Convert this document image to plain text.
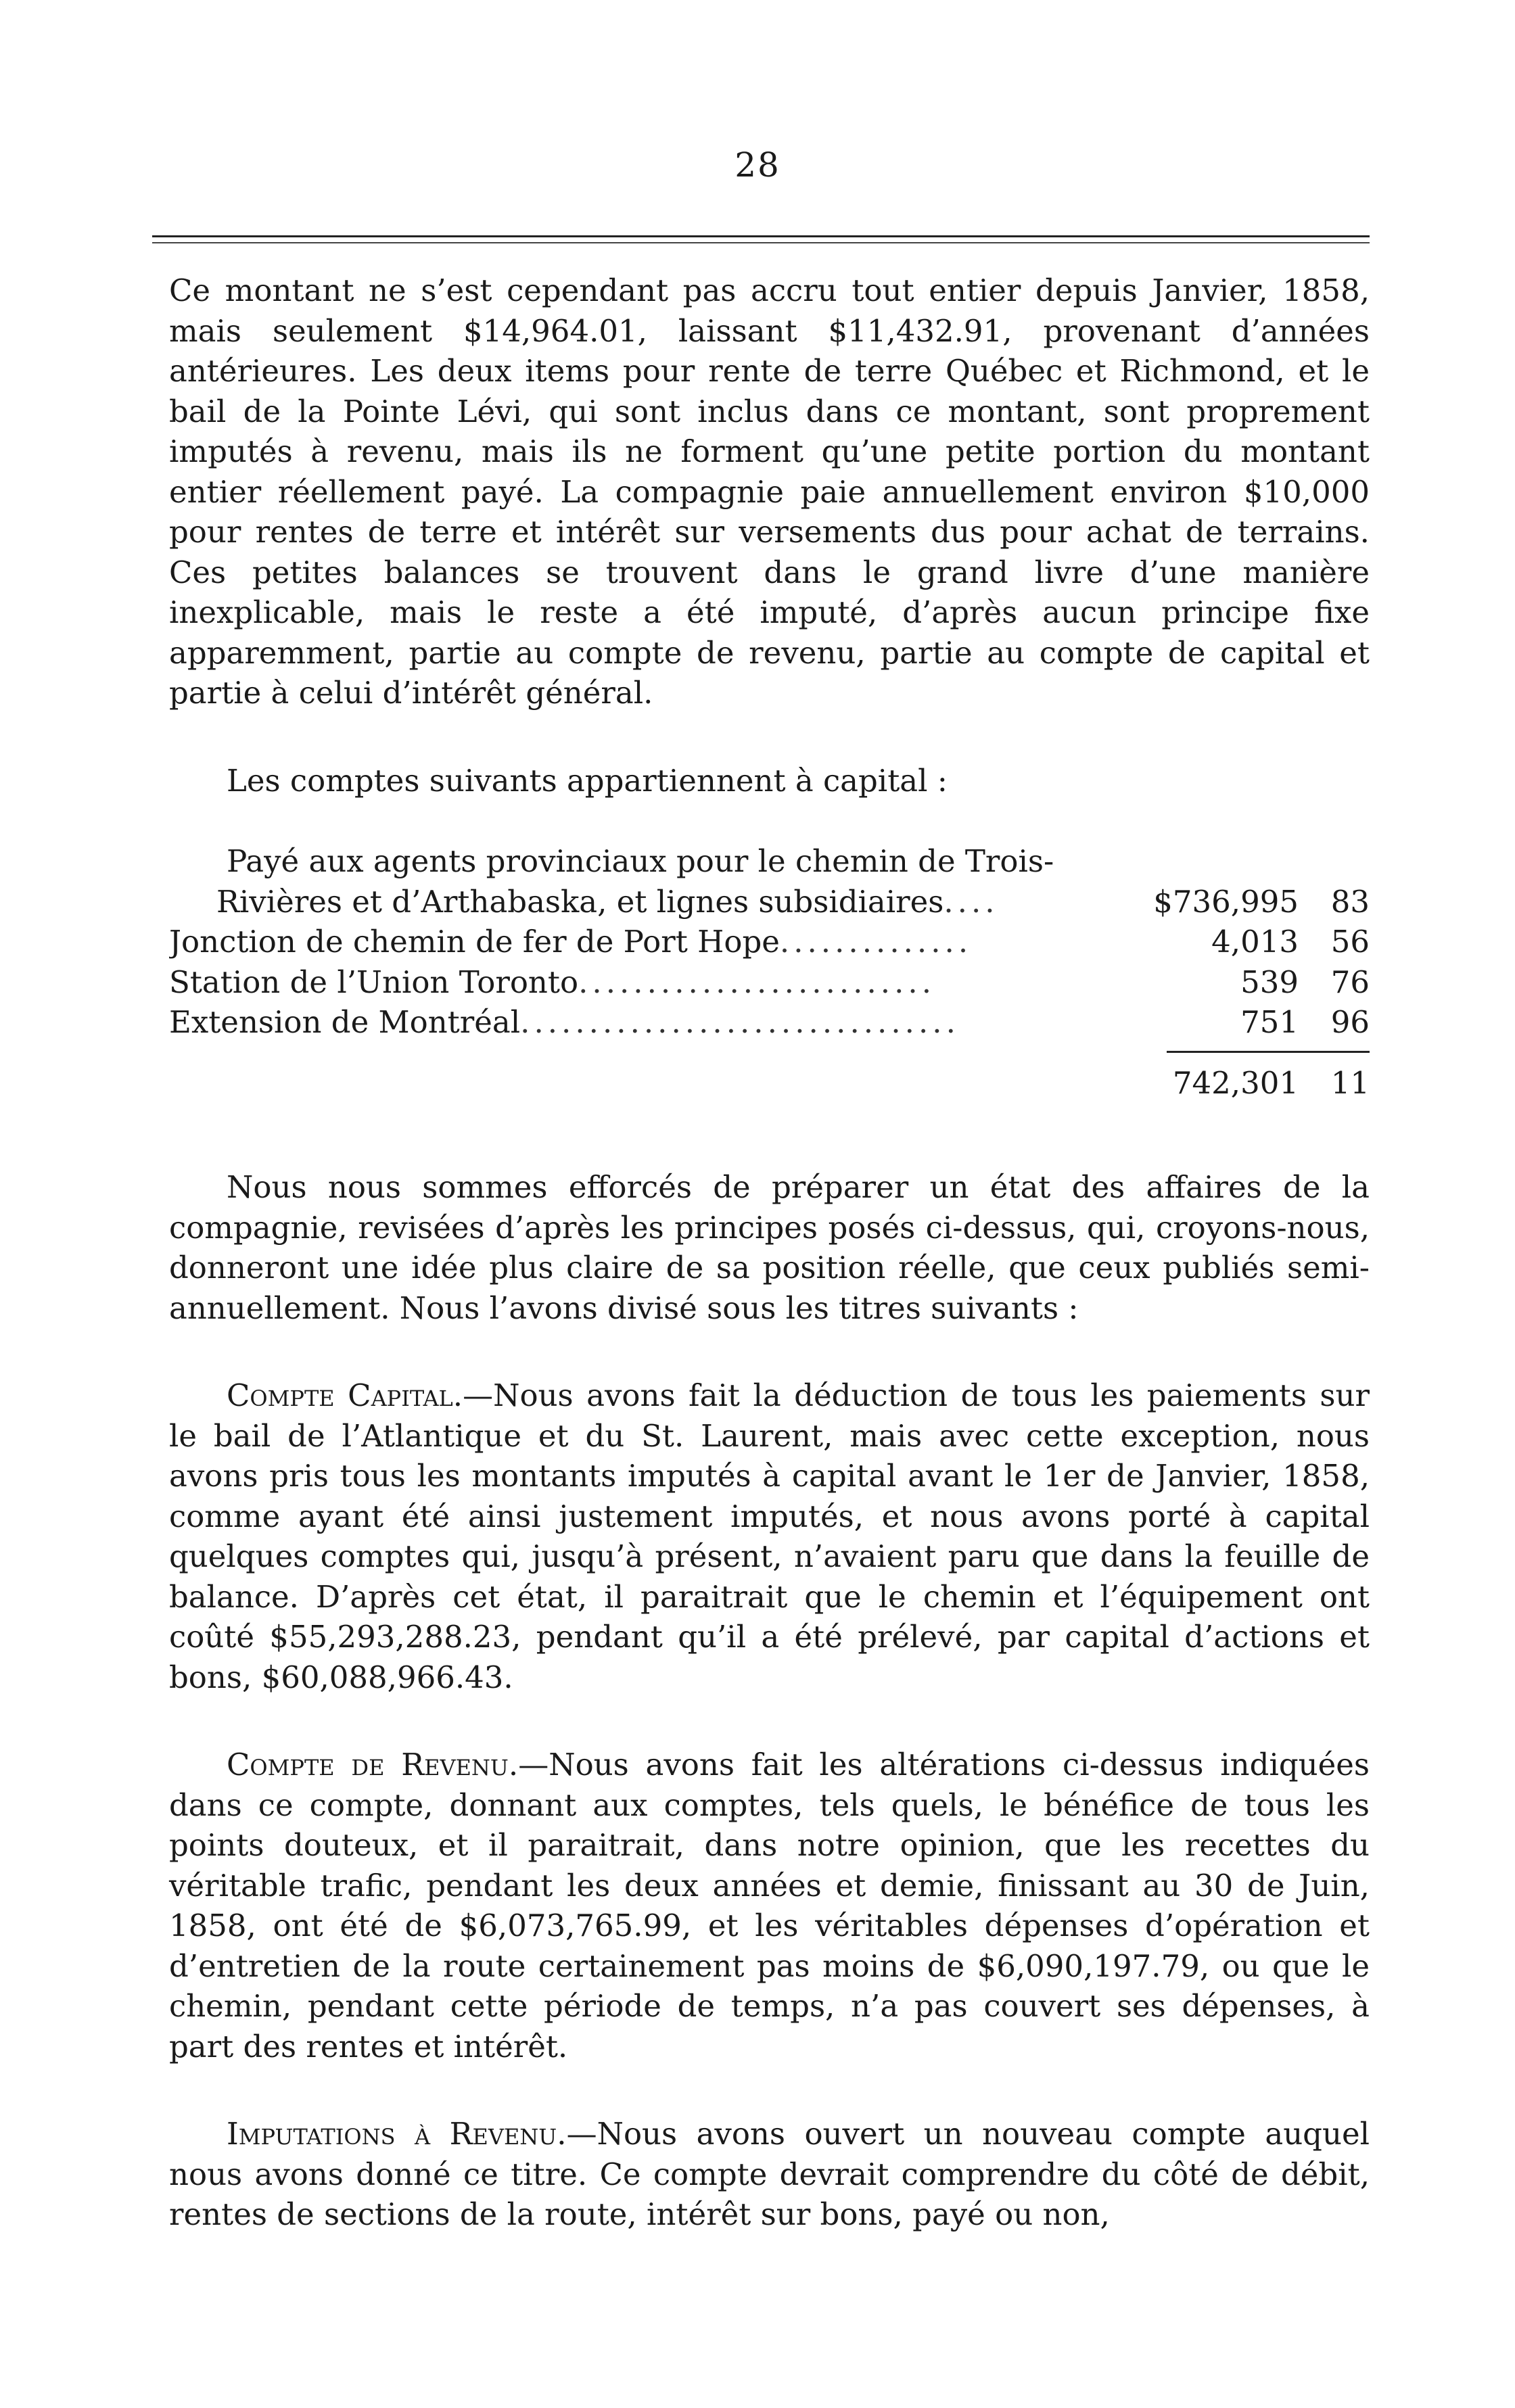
28

Ce montant ne s’est cependant pas accru tout entier depuis Janvier, 1858, mais seulement $14,964.01, laissant $11,432.91, provenant d’années antérieures. Les deux items pour rente de terre Québec et Richmond, et le bail de la Pointe Lévi, qui sont inclus dans ce montant, sont proprement imputés à revenu, mais ils ne forment qu’une petite portion du montant entier réellement payé. La compagnie paie annuellement environ $10,000 pour rentes de terre et intérêt sur versements dus pour achat de terrains. Ces petites balances se trouvent dans le grand livre d’une manière inexplicable, mais le reste a été imputé, d’après aucun principe fixe apparemment, partie au compte de revenu, partie au compte de capital et partie à celui d’intérêt général.

Les comptes suivants appartiennent à capital :

Payé aux agents provinciaux pour le chemin de Trois-
Rivières et d’Arthabaska, et lignes subsidiaires....	$736,995	83
Jonction de chemin de fer de Port Hope..............	4,013	56
Station de l’Union Toronto..........................	539	76
Extension de Montréal................................	751	96
742,301	11

Nous nous sommes efforcés de préparer un état des affaires de la compagnie, revisées d’après les principes posés ci-dessus, qui, croyons-nous, donneront une idée plus claire de sa position réelle, que ceux publiés semi-annuellement. Nous l’avons divisé sous les titres suivants :

Compte Capital.—Nous avons fait la déduction de tous les paiements sur le bail de l’Atlantique et du St. Laurent, mais avec cette exception, nous avons pris tous les montants imputés à capital avant le 1er de Janvier, 1858, comme ayant été ainsi justement imputés, et nous avons porté à capital quelques comptes qui, jusqu’à présent, n’avaient paru que dans la feuille de balance. D’après cet état, il paraitrait que le chemin et l’équipement ont coûté $55,293,288.23, pendant qu’il a été prélevé, par capital d’actions et bons, $60,088,966.43.

Compte de Revenu.—Nous avons fait les altérations ci-dessus indiquées dans ce compte, donnant aux comptes, tels quels, le bénéfice de tous les points douteux, et il paraitrait, dans notre opinion, que les recettes du véritable trafic, pendant les deux années et demie, finissant au 30 de Juin, 1858, ont été de $6,073,765.99, et les véritables dépenses d’opération et d’entretien de la route certainement pas moins de $6,090,197.79, ou que le chemin, pendant cette période de temps, n’a pas couvert ses dépenses, à part des rentes et intérêt.

Imputations à Revenu.—Nous avons ouvert un nouveau compte auquel nous avons donné ce titre. Ce compte devrait comprendre du côté de débit, rentes de sections de la route, intérêt sur bons, payé ou non,
